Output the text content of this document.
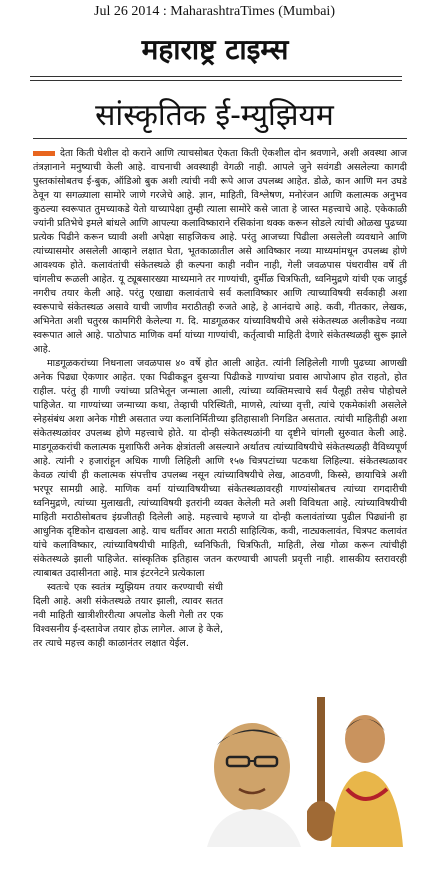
Jul 26 2014 : MaharashtraTimes (Mumbai)
महाराष्ट्र टाइम्स
सांस्कृतिक ई-म्युझियम

देता किती घेशील दो कराने आणि त्याचसोबत ऐकता किती ऐकशील दोन श्रवणाने, अशी अवस्था आज तंत्रज्ञानाने मनुष्याची केली आहे. वाचनाची अवस्थाही वेगळी नाही. आपले जुने सवंगडी असलेल्या कागदी पुस्तकांसोबतच ई-बुक, ऑडिओ बुक अशी त्यांची नवी रूपे आज उपलब्ध आहेत. डोळे, कान आणि मन उघडे ठेवून या सगळ्याला सामोरे जाणे गरजेचे आहे. ज्ञान, माहिती, विश्लेषण, मनोरंजन आणि कलात्मक अनुभव कुठल्या स्वरूपात तुमच्याकडे येतो याच्यापेक्षा तुम्ही त्याला सामोरे कसे जाता हे जास्त महत्त्वाचे आहे. एकेकाळी ज्यांनी प्रतिभेचे इमले बांधले आणि आपल्या कलाविष्काराने रसिकांना थक्क करून सोडले त्यांची ओळख पुढच्या प्रत्येक पिढीने करून घ्यावी अशी अपेक्षा साहजिकच आहे. परंतु आजच्या पिढीला असलेली व्यवधाने आणि त्यांच्यासमोर असलेली आव्हाने लक्षात घेता, भूतकाळातील असे आविष्कार नव्या माध्यमांमधून उपलब्ध होणे आवश्यक होते. कलावंतांची संकेतस्थळे ही कल्पना काही नवीन नाही, गेली जवळपास पंधरावीस वर्षे ती चांगलीच रूळली आहेत. यू ट्यूबसारख्या माध्यमाने तर गाण्यांची, दुर्मीळ चित्रफिती, ध्वनिमुद्रणे यांची एक जादुई नगरीच तयार केली आहे. परंतु एखाद्या कलावंताचे सर्व कलाविष्कार आणि त्याच्याविषयी सर्वकाही अशा स्वरूपाचे संकेतस्थळ असावे याची जाणीव मराठीतही रुजते आहे, हे आनंदाचे आहे. कवी, गीतकार, लेखक, अभिनेता अशी चतुरस्र कामगिरी केलेल्या ग. दि. माडगूळकर यांच्याविषयीचे असे संकेतस्थळ अलीकडेच नव्या स्वरूपात आले आहे. पाठोपाठ माणिक वर्मा यांच्या गाण्यांची, कर्तृत्वाची माहिती देणारे संकेतस्थळही सुरू झाले आहे.

माडगूळकरांच्या निधनाला जवळपास ४० वर्षे होत आली आहेत. त्यांनी लिहिलेली गाणी पुढच्या आणखी अनेक पिढ्या ऐकणार आहेत. एका पिढीकडून दुसऱ्या पिढीकडे गाण्यांचा प्रवास आपोआप होत राहतो, होत राहील. परंतु ही गाणी ज्यांच्या प्रतिभेतून जन्माला आली, त्यांच्या व्यक्तिमत्त्वाचे सर्व पैलूही तसेच पोहोचले पाहिजेत. या गाण्यांच्या जन्माच्या कथा, तेव्हाची परिस्थिती, माणसे, त्यांच्या वृत्ती, त्यांचे एकमेकांशी असलेले स्नेहसंबंध अशा अनेक गोष्टी असतात ज्या कलानिर्मितीच्या इतिहासाशी निगडित असतात. त्यांची माहितीही अशा संकेतस्थळांवर उपलब्ध होणे महत्त्वाचे होते. या दोन्ही संकेतस्थळांनी या दृष्टीने चांगली सुरुवात केली आहे. माडगूळकरांची कलात्मक मुशाफिरी अनेक क्षेत्रांतली असल्याने अर्थातच त्यांच्याविषयीचे संकेतस्थळही वैविध्यपूर्ण आहे. त्यांनी २ हजारांहून अधिक गाणी लिहिली आणि १५७ चित्रपटांच्या पटकथा लिहिल्या. संकेतस्थळावर केवळ त्यांची ही कलात्मक संपत्तीच उपलब्ध नसून त्यांच्याविषयीचे लेख, आठवणी, किस्से, छायाचित्रे अशी भरपूर सामग्री आहे. माणिक वर्मा यांच्याविषयीच्या संकेतस्थळावरही गाण्यांसोबतच त्यांच्या रागदारीची ध्वनिमुद्रणे, त्यांच्या मुलाखती, त्यांच्याविषयी इतरांनी व्यक्त केलेली मते अशी विविधता आहे. त्यांच्याविषयीची माहिती मराठीसोबतच इंग्रजीतही दिलेली आहे. महत्त्वाचे म्हणजे या दोन्ही कलावंतांच्या पुढील पिढ्यांनी हा आधुनिक दृष्टिकोन दाखवला आहे. याच धर्तीवर आता मराठी साहित्यिक, कवी, नाट्यकलावंत, चित्रपट कलावंत यांचे कलाविष्कार, त्यांच्याविषयीची माहिती, ध्वनिफिती, चित्रफिती, माहिती, लेख गोळा करून त्यांचीही संकेतस्थळे झाली पाहिजेत. सांस्कृतिक इतिहास जतन करण्याची आपली प्रवृत्ती नाही. शासकीय स्तरावरही त्याबाबत उदासीनता आहे. मात्र इंटरनेटने प्रत्येकाला

स्वतःचे एक स्वतंत्र म्युझियम तयार करण्याची संधी दिली आहे. अशी संकेतस्थळे तयार झाली, त्यावर सतत नवी माहिती खात्रीशीररीत्या अपलोड केली गेली तर एक विश्वसनीय ई-दस्तावेज तयार होऊ लागेल. आज हे केले, तर त्याचे महत्त्व काही काळानंतर लक्षात येईल.
